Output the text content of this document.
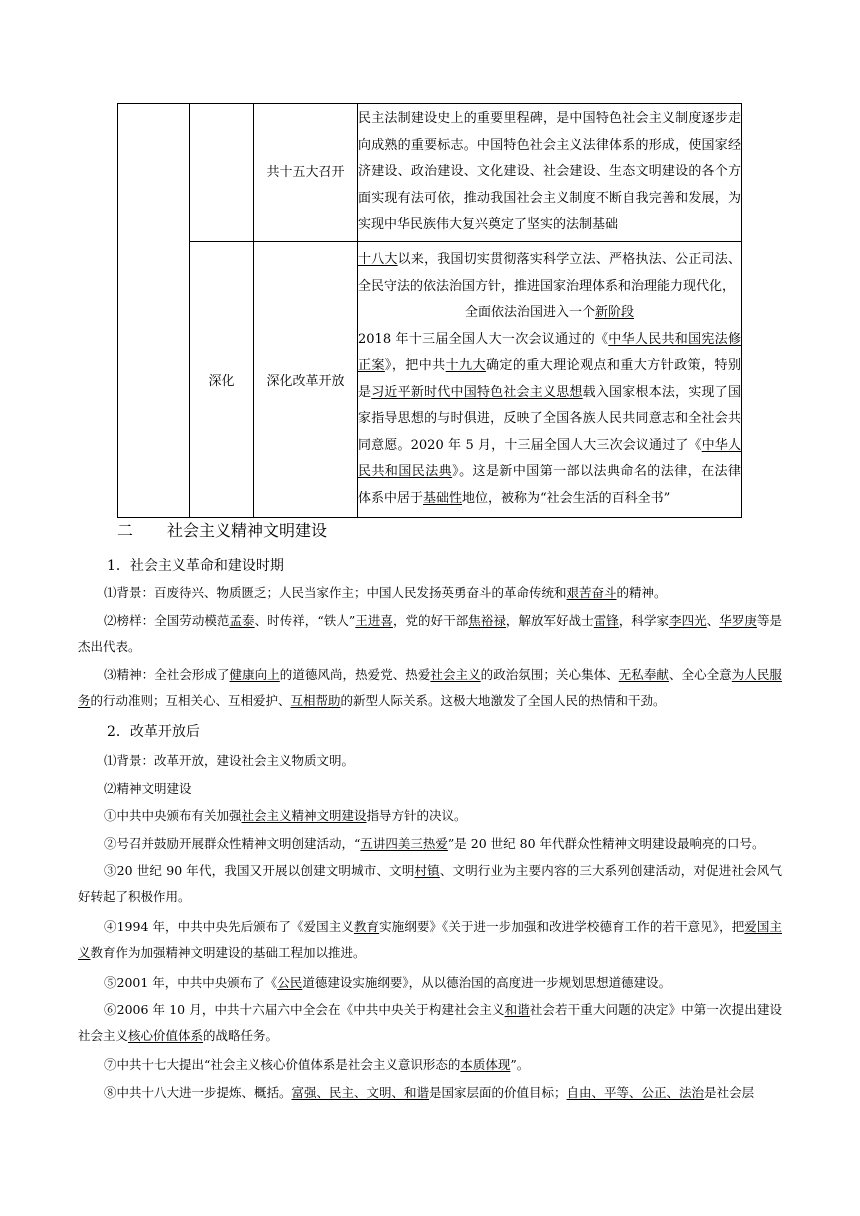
		共十五大召开	民主法制建设史上的重要里程碑，是中国特色社会主义制度逐步走向成熟的重要标志。中国特色社会主义法律体系的形成，使国家经济建设、政治建设、文化建设、社会建设、生态文明建设的各个方面实现有法可依，推动我国社会主义制度不断自我完善和发展，为实现中华民族伟大复兴奠定了坚实的法制基础
	深化	深化改革开放	十八大以来，我国切实贯彻落实科学立法、严格执法、公正司法、全民守法的依法治国方针，推进国家治理体系和治理能力现代化，
全面依法治国进入一个新阶段
2018 年十三届全国人大一次会议通过的《中华人民共和国宪法修正案》，把中共十九大确定的重大理论观点和重大方针政策，特别是习近平新时代中国特色社会主义思想载入国家根本法，实现了国家指导思想的与时俱进，反映了全国各族人民共同意志和全社会共同意愿。2020 年 5 月，十三届全国人大三次会议通过了《中华人民共和国民法典》。这是新中国第一部以法典命名的法律，在法律体系中居于基础性地位，被称为“社会生活的百科全书”
二 社会主义精神文明建设
1．社会主义革命和建设时期
⑴背景：百废待兴、物质匮乏；人民当家作主；中国人民发扬英勇奋斗的革命传统和艰苦奋斗的精神。
⑵榜样：全国劳动模范孟泰、时传祥，“铁人”王进喜，党的好干部焦裕禄，解放军好战士雷锋，科学家李四光、华罗庚等是杰出代表。
⑶精神：全社会形成了健康向上的道德风尚，热爱党、热爱社会主义的政治氛围；关心集体、无私奉献、全心全意为人民服务的行动准则；互相关心、互相爱护、互相帮助的新型人际关系。这极大地激发了全国人民的热情和干劲。
2．改革开放后
⑴背景：改革开放，建设社会主义物质文明。
⑵精神文明建设
①中共中央颁布有关加强社会主义精神文明建设指导方针的决议。
②号召并鼓励开展群众性精神文明创建活动，“五讲四美三热爱”是 20 世纪 80 年代群众性精神文明建设最响亮的口号。
③20 世纪 90 年代，我国又开展以创建文明城市、文明村镇、文明行业为主要内容的三大系列创建活动，对促进社会风气好转起了积极作用。
④1994 年，中共中央先后颁布了《爱国主义教育实施纲要》《关于进一步加强和改进学校德育工作的若干意见》，把爱国主义教育作为加强精神文明建设的基础工程加以推进。
⑤2001 年，中共中央颁布了《公民道德建设实施纲要》，从以德治国的高度进一步规划思想道德建设。
⑥2006 年 10 月，中共十六届六中全会在《中共中央关于构建社会主义和谐社会若干重大问题的决定》中第一次提出建设社会主义核心价值体系的战略任务。
⑦中共十七大提出“社会主义核心价值体系是社会主义意识形态的本质体现”。
⑧中共十八大进一步提炼、概括。富强、民主、文明、和谐是国家层面的价值目标；自由、平等、公正、法治是社会层
